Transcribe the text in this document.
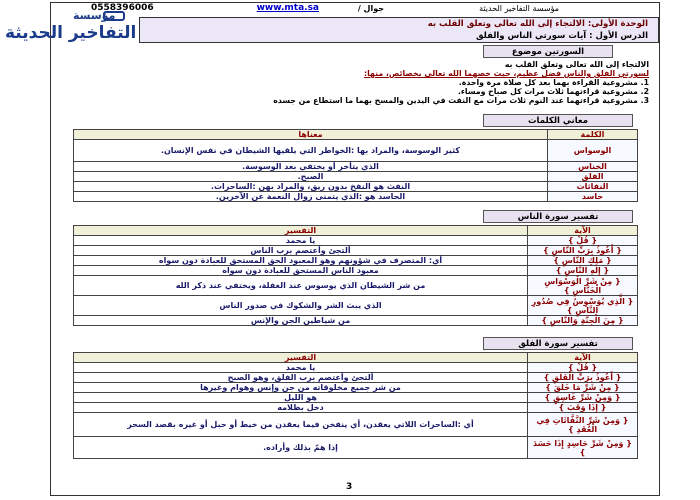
مؤسسة التفاخير الحديثة
جوال /
www.mta.sa
0558396006
مؤسسة
التفاخير الحديثة	الوحدة الأولى: الالتجاء إلى الله تعالى وتعلق القلب به
الدرس الأول : آيات سورتي الناس والفلق
السورتين موضوع
الالتجاء إلى الله تعالى وتعلق القلب به
لسورتي الفلق والناس فضل عظيم، حيث خصهما الله تعالى بخصائص، منها:
1. مشروعية القراءة بهما بعد كل صلاة مرة واحدة.
2. مشروعية قراءتهما ثلاث مرات كل صباح ومساء.
3. مشروعية قراءتهما عند النوم ثلاث مرات مع النفث في اليدين والمسح بهما ما استطاع من جسده
معاني الكلمات
الكلمة	معناها
الوسواس	كثير الوسوسة، والمراد بها :الخواطر التي يلقيها الشيطان في نفس الإنسان.
الخناس	الذي يتأخر أو يختفي بعد الوسوسة.
الفلق	الصبح.
النفاثات	النفث هو النفخ بدون ريق، والمراد بهن :الساحرات.
حاسد	الحاسد هو :الذي يتمنى زوال النعمة عن الآخرين.
تفسير سورة الناس
الآية	التفسير
{ قُلْ }	يا محمد
{ أَعُوذُ بِرَبِّ النَّاسِ }	ألتجئ وأعتصم برب الناس
{ مَلِكِ النَّاسِ }	أي: المتصرف في شؤونهم وهو المعبود الحق المستحق للعبادة دون سواه
{ إِلَهِ النَّاسِ }	معبود الناس المستحق للعبادة دون سواه
{ مِنْ شَرِّ الْوَسْوَاسِ الْخَنَّاسِ }	من شر الشيطان الذي يوسوس عند الغفلة، ويختفي عند ذكر الله
{ الَّذِي يُوَسْوِسُ فِي صُدُورِ النَّاسِ }	الذي يبث الشر والشكوك في صدور الناس
{ مِنَ الْجِنَّةِ وَالنَّاسِ }	من شياطين الجن والإنس
تفسير سورة الفلق
الآية	التفسير
{ قُلْ }	يا محمد
{ أَعُوذُ بِرَبِّ الْفَلَقِ }	ألتجئ وأعتصم برب الفلق، وهو الصبح
{ مِنْ شَرِّ مَا خَلَقَ }	من شر جميع مخلوقاته من جن وإنس وهوام وغيرها
{ وَمِنْ شَرِّ غَاسِقٍ }	هو الليل
{ إِذَا وَقَبَ }	دخل بظلامه
{ وَمِنْ شَرِّ النَّفَّاثَاتِ فِي الْعُقَدِ }	أي :الساحرات اللاتي يعقدن، أي ينفخن فيما يعقدن من خيط أو حبل أو غيره بقصد السحر
{ وَمِنْ شَرِّ حَاسِدٍ إِذَا حَسَدَ }	إذا همّ بذلك وأراده.
3
